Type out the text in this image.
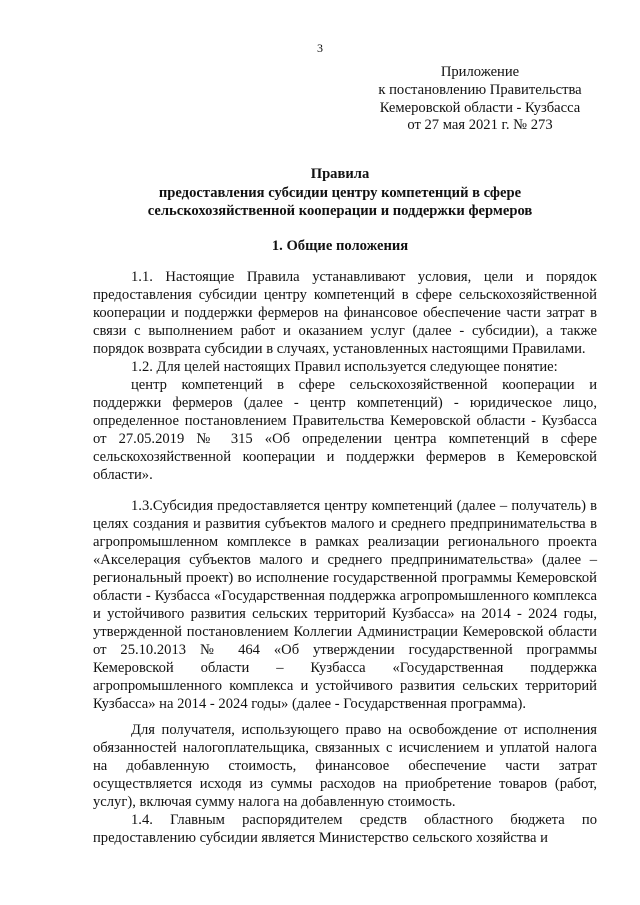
3
Приложение
к постановлению Правительства
Кемеровской области - Кузбасса
от 27 мая 2021 г. № 273
Правила
предоставления субсидии центру компетенций в сфере
сельскохозяйственной кооперации и поддержки фермеров
1. Общие положения

1.1. Настоящие Правила устанавливают условия, цели и порядок предоставления субсидии центру компетенций в сфере сельскохозяйственной кооперации и поддержки фермеров на финансовое обеспечение части затрат в связи с выполнением работ и оказанием услуг (далее - субсидии), а также порядок возврата субсидии в случаях, установленных настоящими Правилами.

1.2. Для целей настоящих Правил используется следующее понятие:

центр компетенций в сфере сельскохозяйственной кооперации и поддержки фермеров (далее - центр компетенций) - юридическое лицо, определенное постановлением Правительства Кемеровской области - Кузбасса от 27.05.2019 № 315 «Об определении центра компетенций в сфере сельскохозяйственной кооперации и поддержки фермеров в Кемеровской области».

1.3.Субсидия предоставляется центру компетенций (далее – получатель) в целях создания и развития субъектов малого и среднего предпринимательства в агропромышленном комплексе в рамках реализации регионального проекта «Акселерация субъектов малого и среднего предпринимательства» (далее – региональный проект) во исполнение государственной программы Кемеровской области - Кузбасса «Государственная поддержка агропромышленного комплекса и устойчивого развития сельских территорий Кузбасса» на 2014 - 2024 годы, утвержденной постановлением Коллегии Администрации Кемеровской области от 25.10.2013 № 464 «Об утверждении государственной программы Кемеровской области – Кузбасса «Государственная поддержка агропромышленного комплекса и устойчивого развития сельских территорий Кузбасса» на 2014 - 2024 годы» (далее - Государственная программа).

Для получателя, использующего право на освобождение от исполнения обязанностей налогоплательщика, связанных с исчислением и уплатой налога на добавленную стоимость, финансовое обеспечение части затрат осуществляется исходя из суммы расходов на приобретение товаров (работ, услуг), включая сумму налога на добавленную стоимость.

1.4. Главным распорядителем средств областного бюджета по предоставлению субсидии является Министерство сельского хозяйства и
